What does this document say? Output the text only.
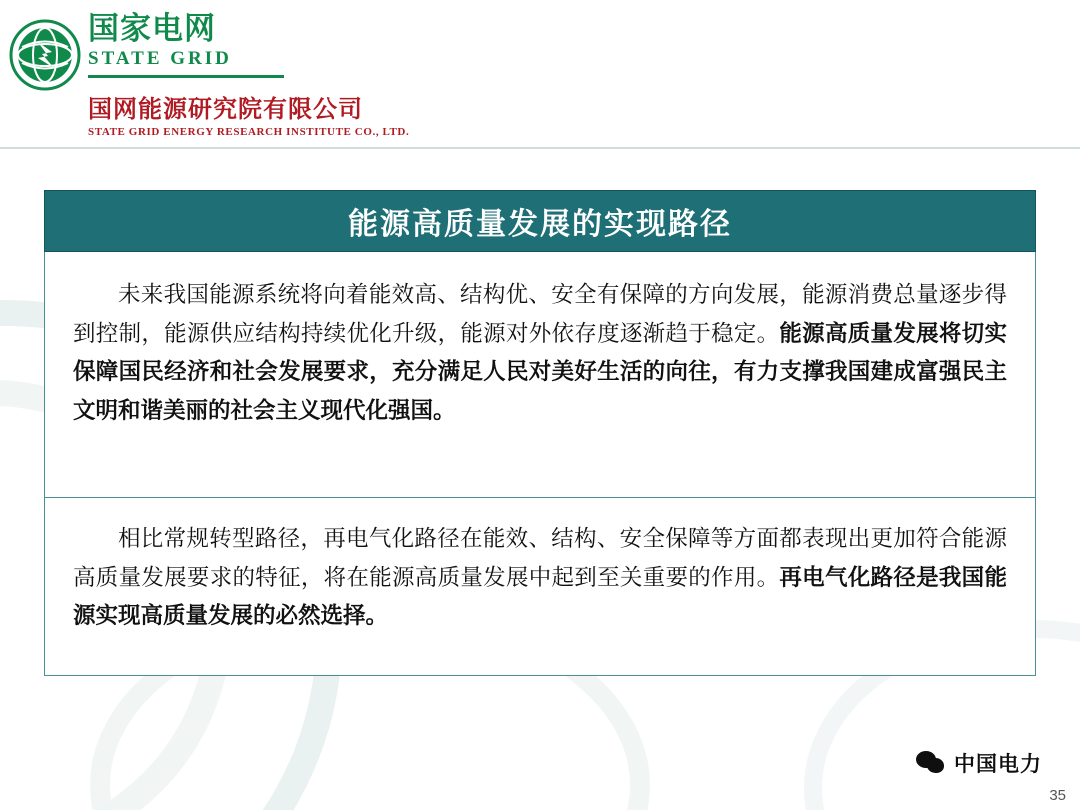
国家电网
STATE GRID
国网能源研究院有限公司
STATE GRID ENERGY RESEARCH INSTITUTE CO., LTD.
能源高质量发展的实现路径

未来我国能源系统将向着能效高、结构优、安全有保障的方向发展，能源消费总量逐步得到控制，能源供应结构持续优化升级，能源对外依存度逐渐趋于稳定。能源高质量发展将切实保障国民经济和社会发展要求，充分满足人民对美好生活的向往，有力支撑我国建成富强民主文明和谐美丽的社会主义现代化强国。

相比常规转型路径，再电气化路径在能效、结构、安全保障等方面都表现出更加符合能源高质量发展要求的特征，将在能源高质量发展中起到至关重要的作用。再电气化路径是我国能源实现高质量发展的必然选择。

中国电力
35
